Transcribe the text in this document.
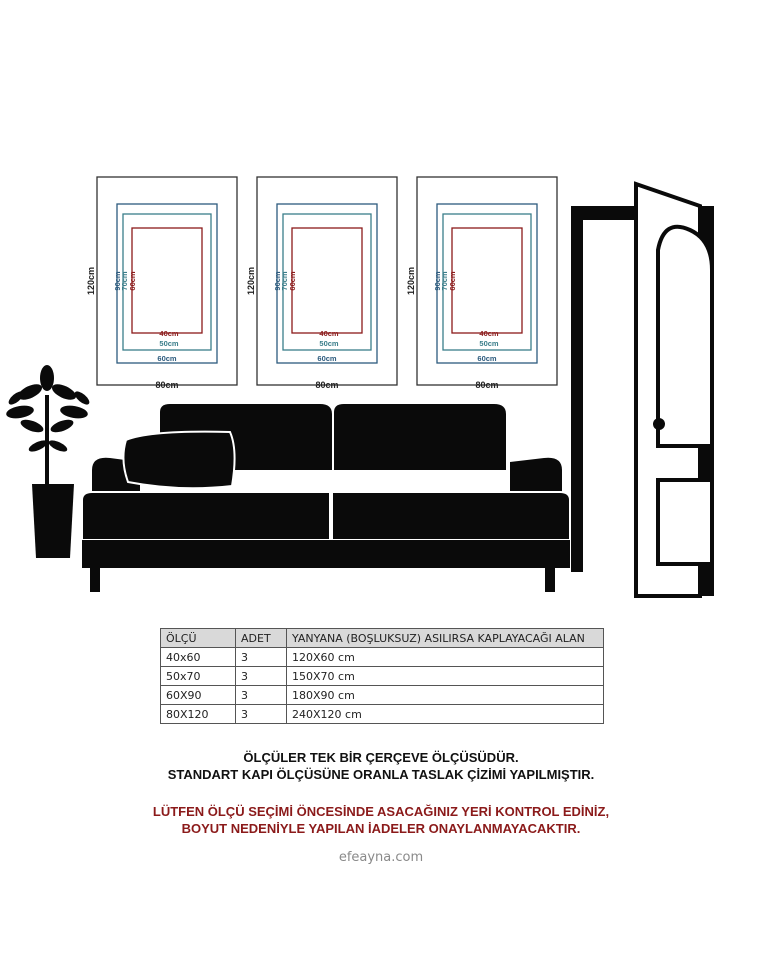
120cm 90cm
70cm 60cm
40cm
50cm
60cm
80cm
120cm 90cm
70cm 60cm
40cm
50cm
60cm
80cm
120cm 90cm
70cm 60cm
40cm
50cm
60cm
80cm
ÖLÇÜ	ADET	YANYANA (BOŞLUKSUZ) ASILIRSA KAPLAYACAĞI ALAN
40x60	3	120X60 cm
50x70	3	150X70 cm
60X90	3	180X90 cm
80X120	3	240X120 cm
ÖLÇÜLER TEK BİR ÇERÇEVE ÖLÇÜSÜDÜR.
STANDART KAPI ÖLÇÜSÜNE ORANLA TASLAK ÇİZİMİ YAPILMIŞTIR.
LÜTFEN ÖLÇÜ SEÇİMİ ÖNCESİNDE ASACAĞINIZ YERİ KONTROL EDİNİZ,
BOYUT NEDENİYLE YAPILAN İADELER ONAYLANMAYACAKTIR.
efeayna.com
